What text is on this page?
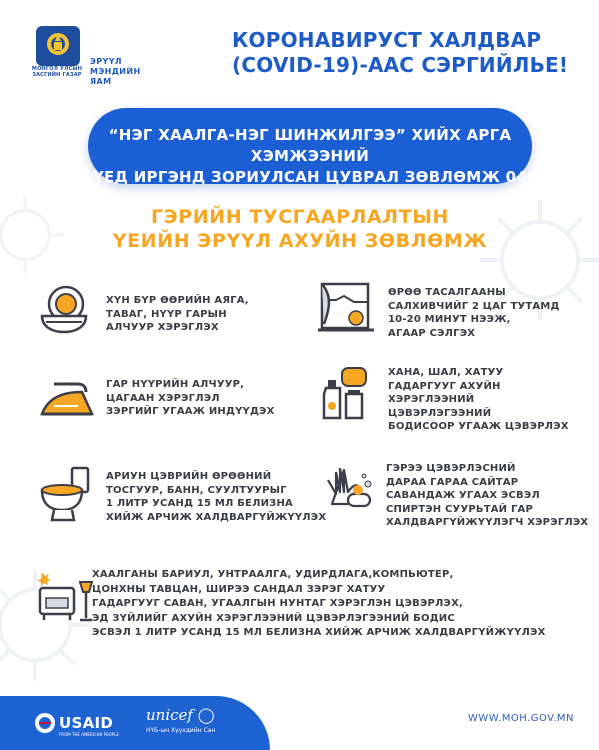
МОНГОЛ УЛСЫН ЗАСГИЙН ГАЗАР
ЭРҮҮЛ МЭНДИЙН ЯАМ
КОРОНАВИРУСТ ХАЛДВАР
(COVID-19)-ААС СЭРГИЙЛЬЕ!
“НЭГ ХААЛГА-НЭГ ШИНЖИЛГЭЭ” ХИЙХ АРГА ХЭМЖЭЭНИЙ
ҮЕД ИРГЭНД ЗОРИУЛСАН ЦУВРАЛ ЗӨВЛӨМЖ 04
ГЭРИЙН ТУСГААРЛАЛТЫН
ҮЕИЙН ЭРҮҮЛ АХУЙН ЗӨВЛӨМЖ
ХҮН БҮР ӨӨРИЙН АЯГА,
ТАВАГ, НҮҮР ГАРЫН
АЛЧУУР ХЭРЭГЛЭХ
ӨРӨӨ ТАСАЛГААНЫ
САЛХИВЧИЙГ 2 ЦАГ ТУТАМД
10-20 МИНУТ НЭЭЖ,
АГААР СЭЛГЭХ
ГАР НҮҮРИЙН АЛЧУУР,
ЦАГААН ХЭРЭГЛЭЛ
ЗЭРГИЙГ УГААЖ ИНДҮҮДЭХ
ХАНА, ШАЛ, ХАТУУ
ГАДАРГУУГ АХУЙН
ХЭРЭГЛЭЭНИЙ
ЦЭВЭРЛЭГЭЭНИЙ
БОДИСООР УГААЖ ЦЭВЭРЛЭХ
АРИУН ЦЭВРИЙН ӨРӨӨНИЙ
ТОСГУУР, БАНН, СУУЛТУУРЫГ
1 ЛИТР УСАНД 15 МЛ БЕЛИЗНА
ХИЙЖ АРЧИЖ ХАЛДВАРГҮЙЖҮҮЛЭХ
ГЭРЭЭ ЦЭВЭРЛЭСНИЙ
ДАРАА ГАРАА САЙТАР
САВАНДАЖ УГААХ ЭСВЭЛ
СПИРТЭН СУУРЬТАЙ ГАР
ХАЛДВАРГҮЙЖҮҮЛЭГЧ ХЭРЭГЛЭХ
ХААЛГАНЫ БАРИУЛ, УНТРААЛГА, УДИРДЛАГА,КОМПЬЮТЕР,
ЦОНХНЫ ТАВЦАН, ШИРЭЭ САНДАЛ ЗЭРЭГ ХАТУУ
ГАДАРГУУГ САВАН, УГААЛГЫН НУНТАГ ХЭРЭГЛЭН ЦЭВЭРЛЭХ,
ЭД ЗҮЙЛИЙГ АХУЙН ХЭРЭГЛЭЭНИЙ ЦЭВЭРЛЭГЭЭНИЙ БОДИС
ЭСВЭЛ 1 ЛИТР УСАНД 15 МЛ БЕЛИЗНА ХИЙЖ АРЧИЖ ХАЛДВАРГҮЙЖҮҮЛЭХ
USAID
FROM THE AMERICAN PEOPLE
unicef ◯
НҮБ-ын Хүүхдийн Сан
WWW.MOH.GOV.MN
